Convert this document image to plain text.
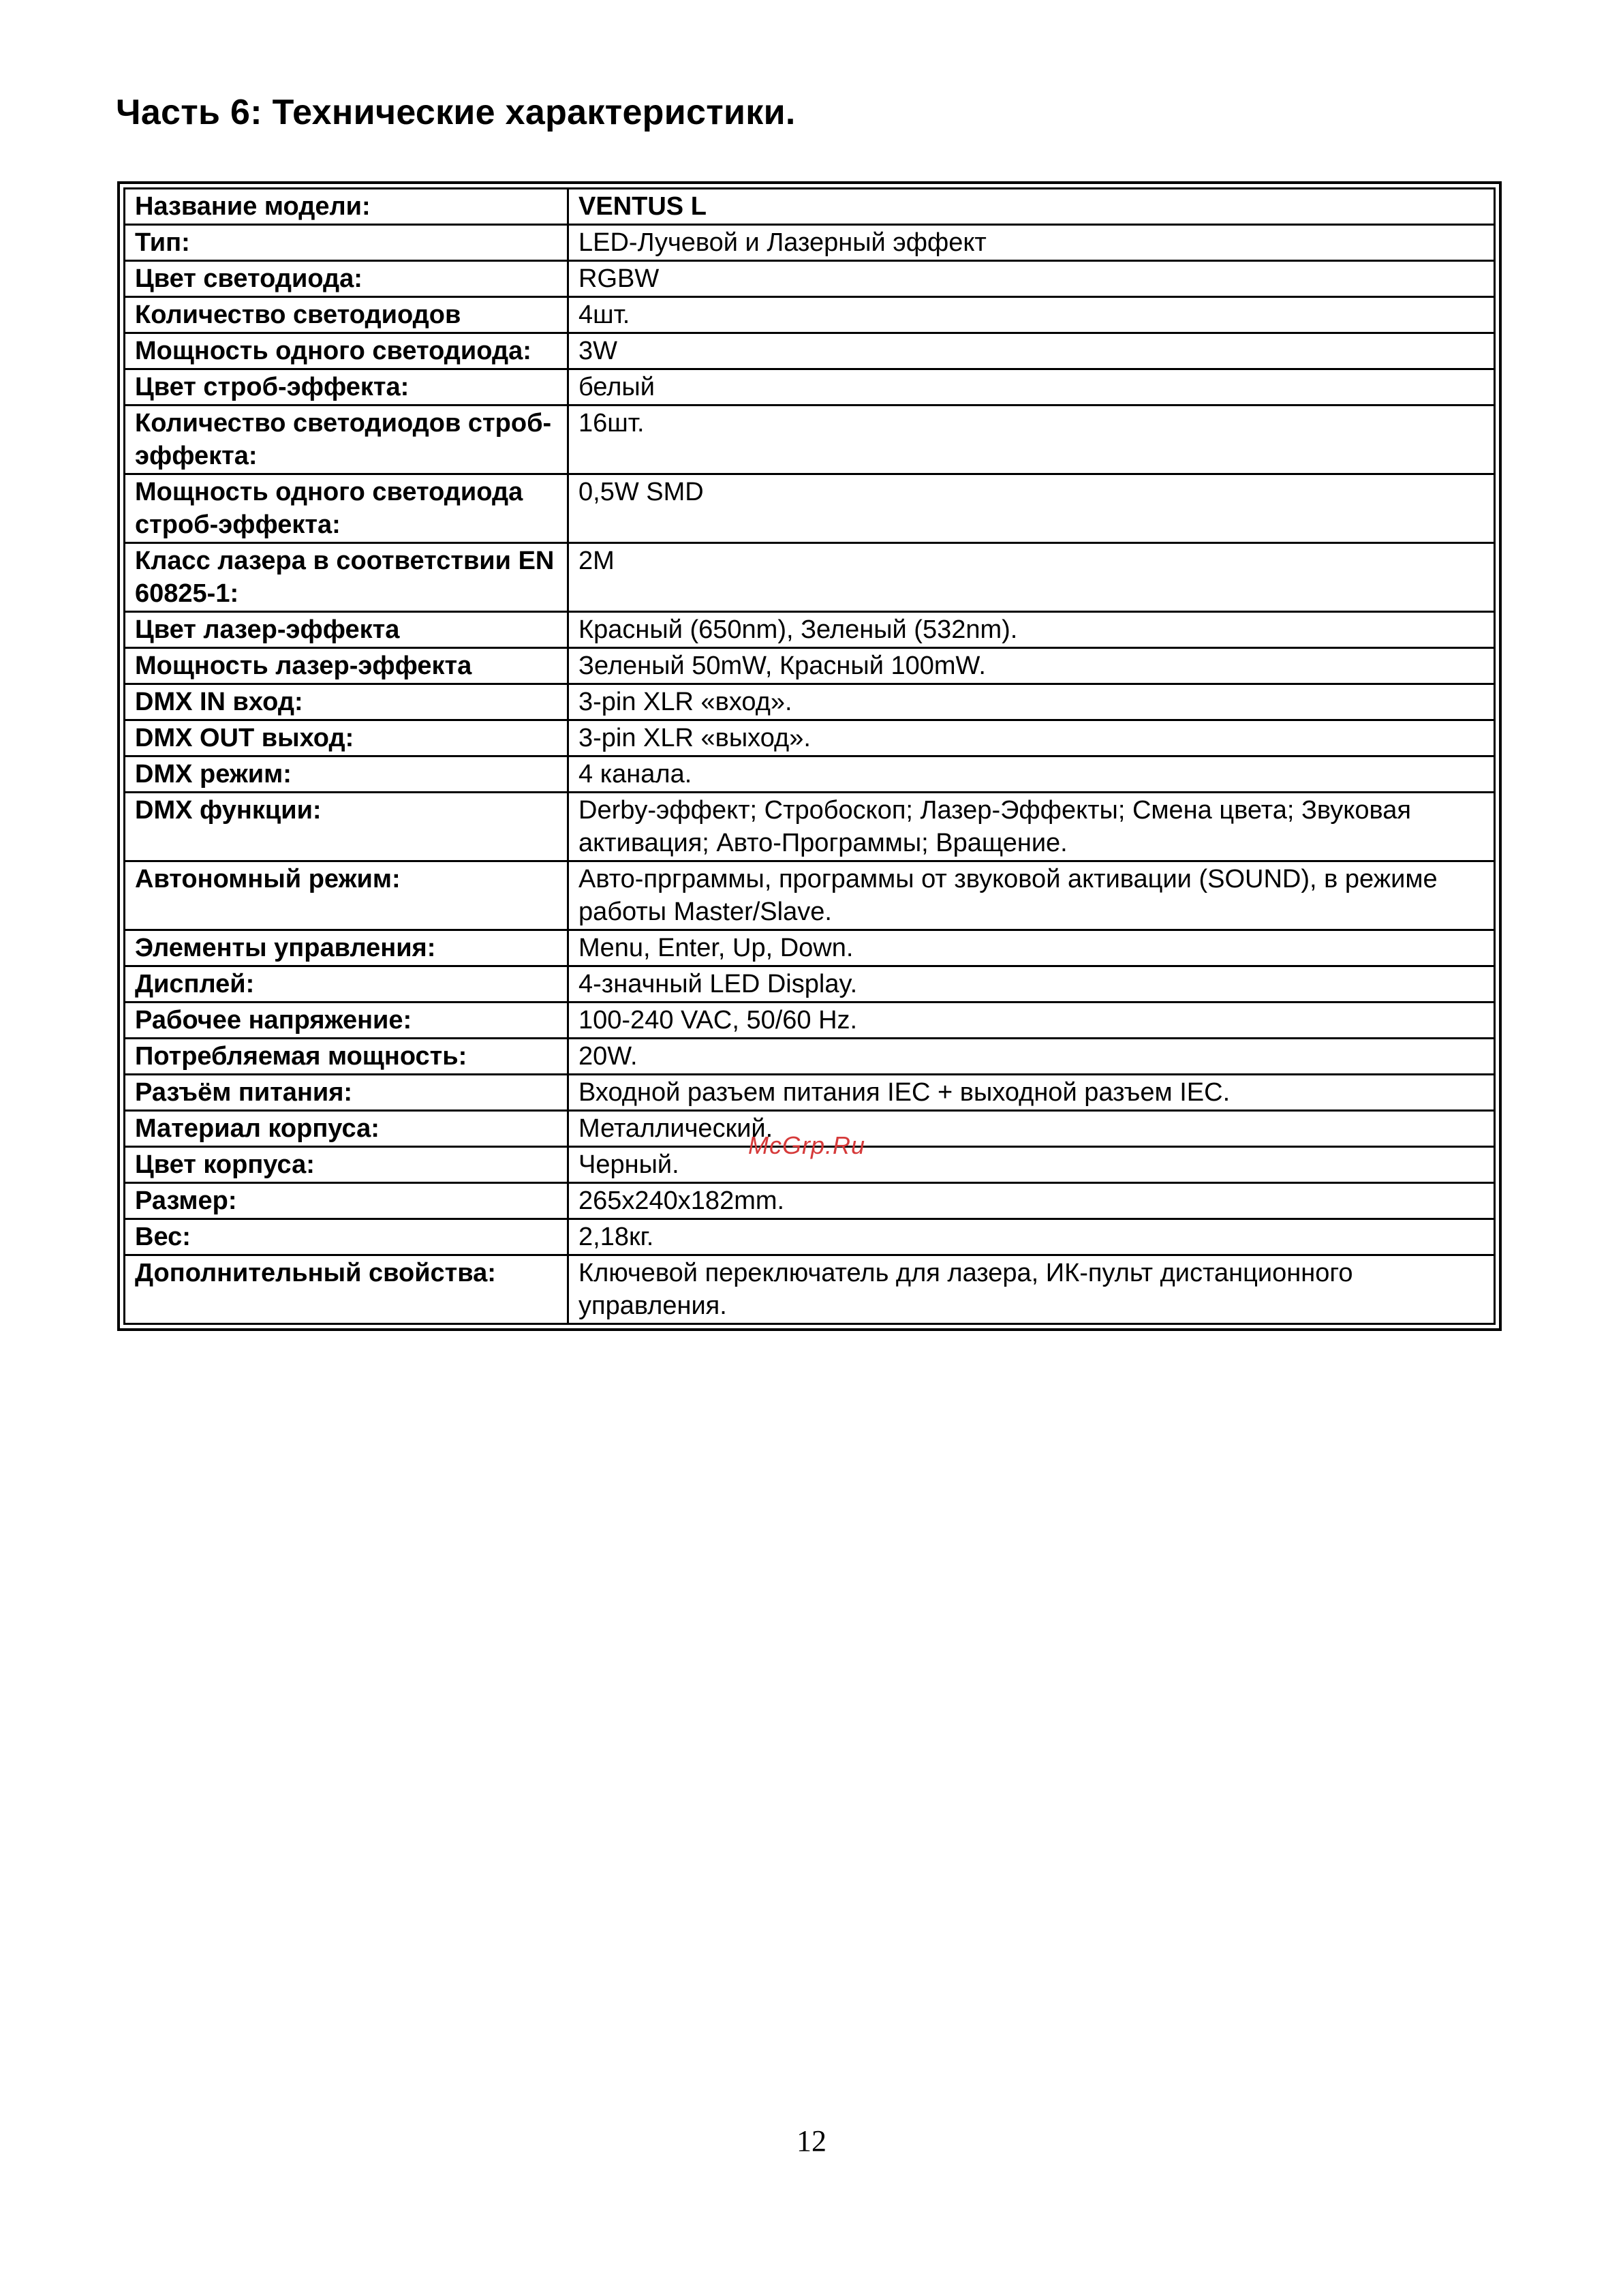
Часть 6: Технические характеристики.
Название модели:	VENTUS L
Тип:	LED-Лучевой и Лазерный эффект
Цвет светодиода:	RGBW
Количество светодиодов	4шт.
Мощность одного светодиода:	3W
Цвет строб-эффекта:	белый
Количество светодиодов строб-эффекта:	16шт.
Мощность одного светодиода строб-эффекта:	0,5W SMD
Класс лазера в соответствии EN 60825-1:	2M
Цвет лазер-эффекта	Красный (650nm), Зеленый (532nm).
Мощность лазер-эффекта	Зеленый 50mW, Красный 100mW.
DMX IN вход:	3-pin XLR «вход».
DMX OUT выход:	3-pin XLR «выход».
DMX режим:	4 канала.
DMX функции:	Derby-эффект; Стробоскоп; Лазер-Эффекты; Смена цвета; Звуковая активация; Авто-Программы; Вращение.
Автономный режим:	Авто-прграммы, программы от звуковой активации (SOUND), в режиме работы Master/Slave.
Элементы управления:	Menu, Enter, Up, Down.
Дисплей:	4-значный LED Display.
Рабочее напряжение:	100-240 VAC, 50/60 Hz.
Потребляемая мощность:	20W.
Разъём питания:	Входной разъем питания IEC + выходной разъем IEC.
Материал корпуса:	Металлический.
Цвет корпуса:	Черный.
Размер:	265x240x182mm.
Вес:	2,18кг.
Дополнительный свойства:	Ключевой переключатель для лазера, ИК-пульт дистанционного управления.
McGrp.Ru
12
